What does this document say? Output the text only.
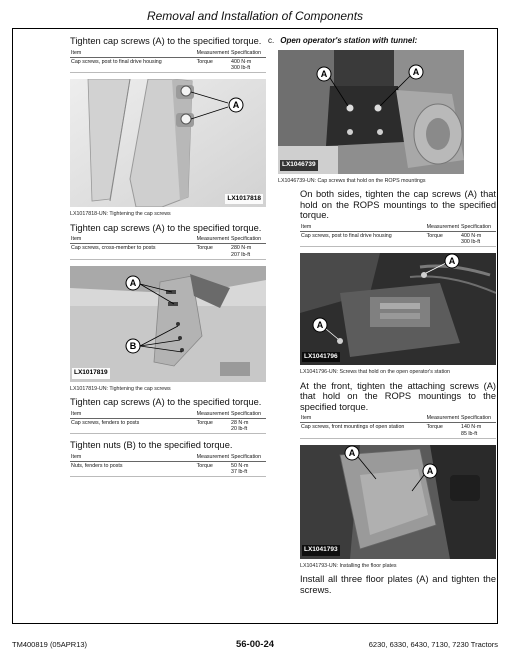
Removal and Installation of Components

Tighten cap screws (A) to the specified torque.

Item	Measurement	Specification
Cap screws, post to final drive housing	Torque	400 N·m
300 lb-ft
A
LX1017818
LX1017818-UN: Tightening the cap screws

Tighten cap screws (A) to the specified torque.

Item	Measurement	Specification
Cap screws, cross-member to posts	Torque	280 N·m
207 lb-ft
A
B
LX1017819
LX1017819-UN: Tightening the cap screws

Tighten cap screws (A) to the specified torque.

Item	Measurement	Specification
Cap screws, fenders to posts	Torque	28 N·m
20 lb-ft

Tighten nuts (B) to the specified torque.

Item	Measurement	Specification
Nuts, fenders to posts	Torque	50 N·m
37 lb-ft
c. Open operator's station with tunnel:
A	A
LX1046739
LX1046739-UN: Cap screws that hold on the ROPS mountings

On both sides, tighten the cap screws (A) that hold on the ROPS mountings to the specified torque.

Item	Measurement	Specification
Cap screws, post to final drive housing	Torque	400 N·m
300 lb-ft
A
A
LX1041796
LX1041796-UN: Screws that hold on the open operator's station

At the front, tighten the attaching screws (A) that hold on the ROPS mountings to the specified torque.

Item	Measurement	Specification
Cap screws, front mountings of open station	Torque	140 N·m
85 lb-ft
A
A
LX1041793
LX1041793-UN: Installing the floor plates

Install all three floor plates (A) and tighten the screws.

TM400819 (05APR13)	56-00-24	6230, 6330, 6430, 7130, 7230 Tractors
